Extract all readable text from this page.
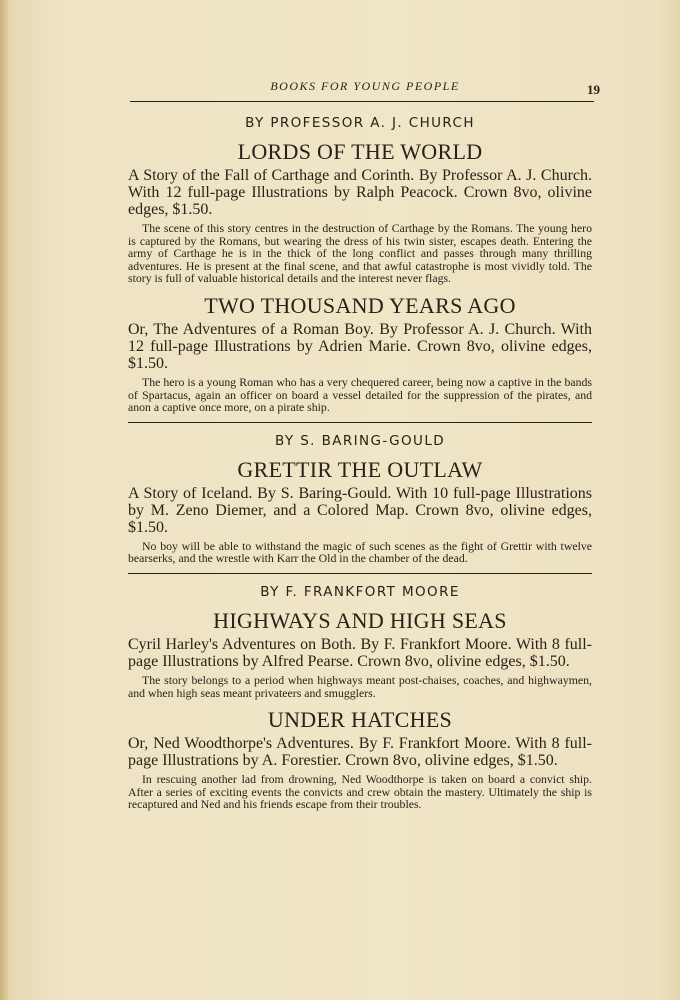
BOOKS FOR YOUNG PEOPLE	19
BY PROFESSOR A. J. CHURCH
LORDS OF THE WORLD
A Story of the Fall of Carthage and Corinth. By Professor A. J. Church. With 12 full-page Illustrations by Ralph Peacock. Crown 8vo, olivine edges, $1.50.
The scene of this story centres in the destruction of Carthage by the Romans. The young hero is captured by the Romans, but wearing the dress of his twin sister, escapes death. Entering the army of Carthage he is in the thick of the long conflict and passes through many thrilling adventures. He is present at the final scene, and that awful catastrophe is most vividly told. The story is full of valuable historical details and the interest never flags.
TWO THOUSAND YEARS AGO
Or, The Adventures of a Roman Boy. By Professor A. J. Church. With 12 full-page Illustrations by Adrien Marie. Crown 8vo, olivine edges, $1.50.
The hero is a young Roman who has a very chequered career, being now a captive in the bands of Spartacus, again an officer on board a vessel detailed for the suppression of the pirates, and anon a captive once more, on a pirate ship.
BY S. BARING-GOULD
GRETTIR THE OUTLAW
A Story of Iceland. By S. Baring-Gould. With 10 full-page Illustrations by M. Zeno Diemer, and a Colored Map. Crown 8vo, olivine edges, $1.50.
No boy will be able to withstand the magic of such scenes as the fight of Grettir with twelve bearserks, and the wrestle with Karr the Old in the chamber of the dead.
BY F. FRANKFORT MOORE
HIGHWAYS AND HIGH SEAS
Cyril Harley's Adventures on Both. By F. Frankfort Moore. With 8 full-page Illustrations by Alfred Pearse. Crown 8vo, olivine edges, $1.50.
The story belongs to a period when highways meant post-chaises, coaches, and highwaymen, and when high seas meant privateers and smugglers.
UNDER HATCHES
Or, Ned Woodthorpe's Adventures. By F. Frankfort Moore. With 8 full-page Illustrations by A. Forestier. Crown 8vo, olivine edges, $1.50.
In rescuing another lad from drowning, Ned Woodthorpe is taken on board a convict ship. After a series of exciting events the convicts and crew obtain the mastery. Ultimately the ship is recaptured and Ned and his friends escape from their troubles.
